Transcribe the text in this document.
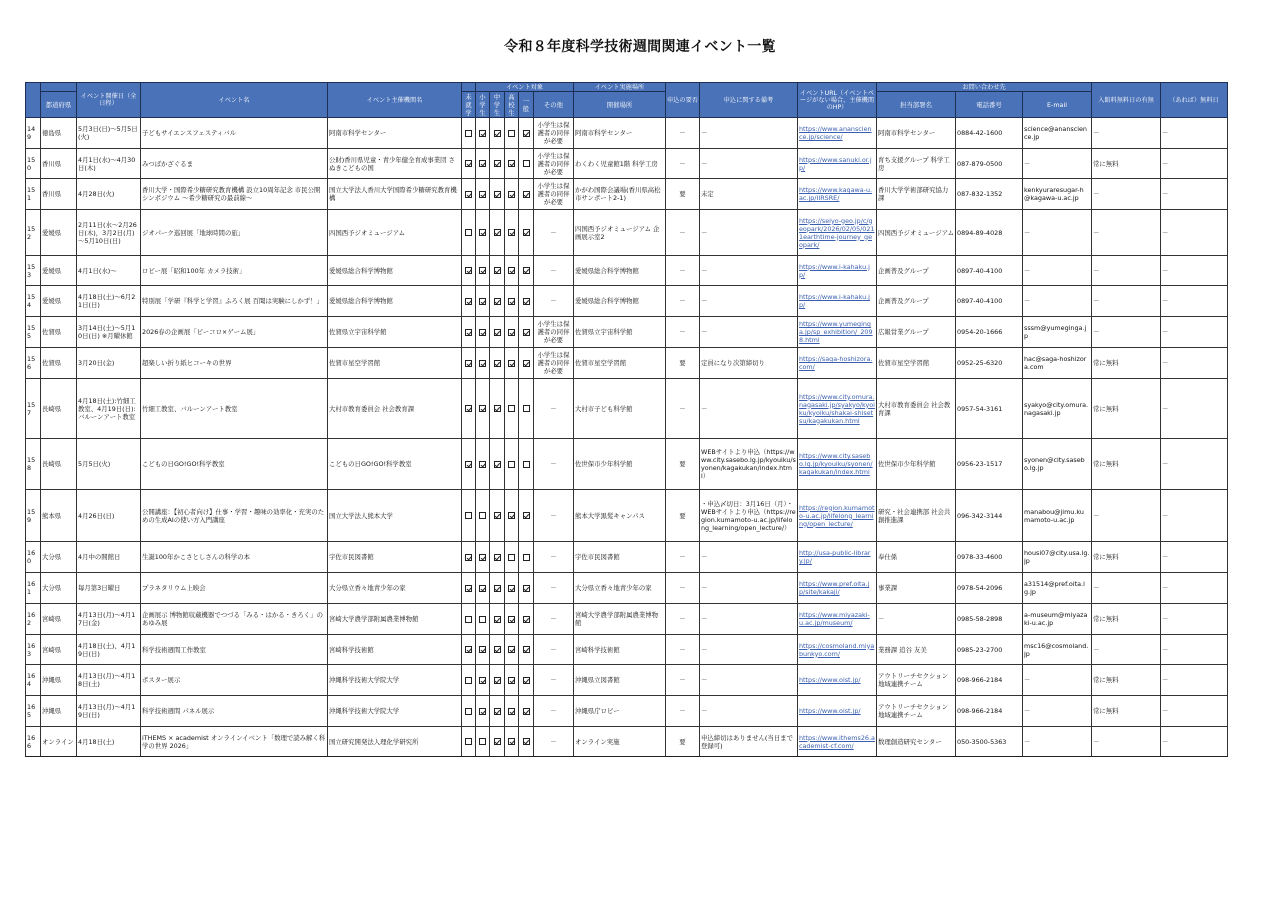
令和８年度科学技術週間関連イベント一覧
		イベント開催日（全日程）	イベント名	イベント主催機関名		イベント対象					イベント実施場所	申込の要否	申込に関する備考	イベントURL（イベントページがない場合、主催機関のHP）	お問い合わせ先			入館料無料日の有無	（あれば）無料日
	都道府県				未就学	小学生	中学生	高校生	一般	その他	開催場所				担当部署名	電話番号	E-mail		
149	徳島県	5月3日(日)～5月5日(火)	子どもサイエンスフェスティバル	阿南市科学センター						小学生は保護者の同伴が必要	阿南市科学センター	－	－	https://www.ananscience.jp/science/	阿南市科学センター	0884-42-1600	science@ananscience.jp	－	－
150	香川県	4月1日(水)～4月30日(木)	みつばかざぐるま	公財)香川県児童・青少年健全育成事業団 さぬきこどもの国						小学生は保護者の同伴が必要	わくわく児童館1階 科学工房	－	－	https://www.sanuki.or.jp/	育ち支援グループ 科学工房	087-879-0500	－	常に無料	－
151	香川県	4月28日(火)	香川大学・国際希少糖研究教育機構 設立10周年記念 市民公開シンポジウム ～希少糖研究の最前線～	国立大学法人香川大学国際希少糖研究教育機構						小学生は保護者の同伴が必要	かがわ国際会議場(香川県高松市サンポート2-1)	要	未定	https://www.kagawa-u.ac.jp/IIRSRE/	香川大学学術部研究協力課	087-832-1352	kenkyuraresugar-h@kagawa-u.ac.jp	－	－
152	愛媛県	2月11日(水～2月26日(木)，3月2日(月)～5月10日(日)	ジオパーク巡回展「地球時間の旅」	四国西予ジオミュージアム						－	四国西予ジオミュージアム 企画展示室2	－	－	https://seiyo-geo.jp/c/geopark/2026/02/05/0211earthtime-journey_geopark/	四国西予ジオミュージアム	0894-89-4028	－	－	－
153	愛媛県	4月1日(水)～	ロビー展「昭和100年 カメラ技術」	愛媛県総合科学博物館						－	愛媛県総合科学博物館	－	－	https://www.i-kahaku.jp/	企画普及グループ	0897-40-4100	－	－	－
154	愛媛県	4月18日(土)～6月21日(日)	特別展「学研『科学と学習』ふろく展 百聞は実験にしかず！」	愛媛県総合科学博物館						－	愛媛県総合科学博物館	－	－	https://www.i-kahaku.jp/	企画普及グループ	0897-40-4100	－	－	－
155	佐賀県	3月14日(土)～5月10日(日) ※月曜休館	2026春の企画展「ピーコロ×ゲーム展」	佐賀県立宇宙科学館						小学生は保護者の同伴が必要	佐賀県立宇宙科学館	－	－	https://www.yumeginga.jp/sp_exhibition/_2098.html	広報営業グループ	0954-20-1666	sssm@yumeginga.jp	－	－
156	佐賀県	3月20日(金)	超楽しい折り紙ヒコーキの世界	佐賀市星空学習館						小学生は保護者の同伴が必要	佐賀市星空学習館	要	定員になり次第締切り	https://saga-hoshizora.com/	佐賀市星空学習館	0952-25-6320	hac@saga-hoshizora.com	常に無料	－
157	長崎県	4月18日(土):竹細工教室、4月19日(日):バルーンアート教室	竹細工教室、バルーンアート教室	大村市教育委員会 社会教育課						－	大村市子ども科学館	－	－	https://www.city.omura.nagasaki.jp/syakyo/kyoiku/kyoiku/shakai-shisetsu/kagakukan.html	大村市教育委員会 社会教育課	0957-54-3161	syakyo@city.omura.nagasaki.jp	常に無料	－
158	長崎県	5月5日(火)	こどもの日GO!GO!科学教室	こどもの日GO!GO!科学教室						－	佐世保市少年科学館	要	WEBサイトより申込（https://www.city.sasebo.lg.jp/kyouiku/syonen/kagakukan/index.html）	https://www.city.sasebo.lg.jp/kyouiku/syonen/kagakukan/index.html	佐世保市少年科学館	0956-23-1517	syonen@city.sasebo.lg.jp	常に無料	－
159	熊本県	4月26日(日)	公開講座：【初心者向け】仕事・学習・趣味の効率化・充実のための生成AIの使い方入門講座	国立大学法人熊本大学						－	熊本大学黒髪キャンパス	要	・申込〆切日：3月16日（月）・WEBサイトより申込（https://region.kumamoto-u.ac.jp/lifelong_learning/open_lecture/）	https://region.kumamoto-u.ac.jp/lifelong_learning/open_lecture/	研究・社会連携部 社会共創推進課	096-342-3144	manabou@jimu.kumamoto-u.ac.jp	－	－
160	大分県	4月中の開館日	生誕100年かこさとしさんの科学の本	宇佐市民図書館						－	宇佐市民図書館	－	－	http://usa-public-library.jp/	奉仕係	0978-33-4600	housi07@city.usa.lg.jp	常に無料	－
161	大分県	毎月第3日曜日	プラネタリウム上映会	大分県立香々地青少年の家						－	大分県立香々地青少年の家	－	－	https://www.pref.oita.jp/site/kakaji/	事業課	0978-54-2096	a31514@pref.oita.lg.jp	－	－
162	宮崎県	4月13日(月)～4月17日(金)	企画展示 博物館収蔵機器でつづる「みる・はかる・きろく」のあゆみ展	宮崎大学農学部附属農業博物館						－	宮崎大学農学部附属農業博物館	－	－	https://www.miyazaki-u.ac.jp/museum/	－	0985-58-2898	a-museum@miyazaki-u.ac.jp	常に無料	－
163	宮崎県	4月18日(土)、4月19日(日)	科学技術週間工作教室	宮崎科学技術館						－	宮崎科学技術館	－	－	https://cosmoland.miyabunkyo.com/	業務課 追谷 友美	0985-23-2700	msc16@cosmoland.jp	－	－
164	沖縄県	4月13日(月)～4月18日(土)	ポスター展示	沖縄科学技術大学院大学						－	沖縄県立図書館	－	－	https://www.oist.jp/	アウトリーチセクション 地域連携チーム	098-966-2184	－	常に無料	－
165	沖縄県	4月13日(月)～4月19日(日)	科学技術週間 パネル展示	沖縄科学技術大学院大学						－	沖縄県庁ロビー	－	－	https://www.oist.jp/	アウトリーチセクション 地域連携チーム	098-966-2184	－	常に無料	－
166	オンライン	4月18日(土)	iTHEMS × academist オンラインイベント「数理で読み解く科学の世界 2026」	国立研究開発法人理化学研究所						－	オンライン実施	要	申込締切はありません(当日まで登録可)	https://www.ithems26.academist-cf.com/	数理創造研究センター	050-3500-5363	－	－	－
